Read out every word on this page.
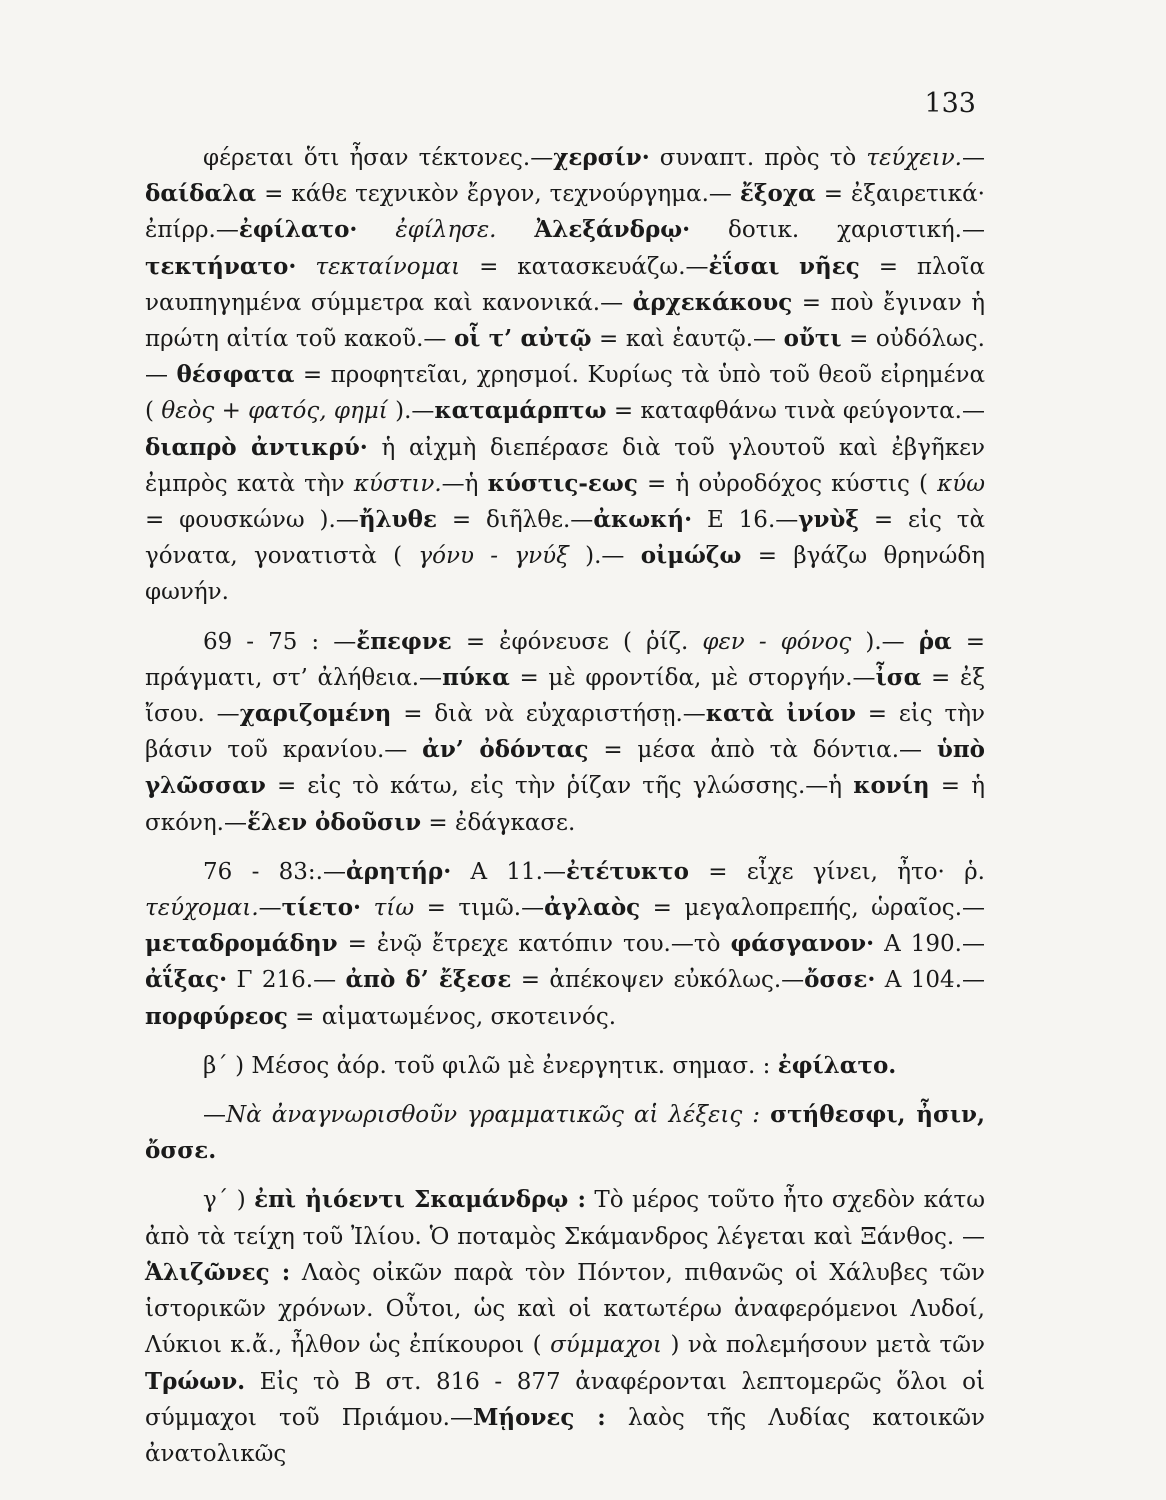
133

φέρεται ὅτι ἦσαν τέκτονες.—χερσίν· συναπτ. πρὸς τὸ τεύχειν.—δαίδαλα = κάθε τεχνικὸν ἔργον, τεχνούργημα.— ἔξοχα = ἐξαιρετικά· ἐπίρρ.—ἐφίλατο· ἐφίλησε. Ἀλεξάνδρῳ· δοτικ. χαριστική.—τεκτήνατο· τεκταίνομαι = κατασκευάζω.—ἐΐσαι νῆες = πλοῖα ναυπηγημένα σύμμετρα καὶ κανονικά.— ἀρχεκάκους = ποὺ ἔγιναν ἡ πρώτη αἰτία τοῦ κακοῦ.— οἷ τ’ αὐτῷ = καὶ ἑαυτῷ.— οὔτι = οὐδόλως.— θέσφατα = προφητεῖαι, χρησμοί. Κυρίως τὰ ὑπὸ τοῦ θεοῦ εἰρημένα ( θεὸς + φατός, φημί ).—καταμάρπτω = καταφθάνω τινὰ φεύγοντα.—διαπρὸ ἀντικρύ· ἡ αἰχμὴ διεπέρασε διὰ τοῦ γλουτοῦ καὶ ἐβγῆκεν ἐμπρὸς κατὰ τὴν κύστιν.—ἡ κύστις-εως = ἡ οὐροδόχος κύστις ( κύω = φουσκώνω ).—ἤλυθε = διῆλθε.—ἀκωκή· Ε 16.—γνὺξ = εἰς τὰ γόνατα, γονατιστὰ ( γόνυ - γνύξ ).— οἰμώζω = βγάζω θρηνώδη φωνήν.

69 - 75 : —ἔπεφνε = ἐφόνευσε ( ῥίζ. φεν - φόνος ).— ῥα = πράγματι, στ’ ἀλήθεια.—πύκα = μὲ φροντίδα, μὲ στοργήν.—ἶσα = ἐξ ἴσου. —χαριζομένη = διὰ νὰ εὐχαριστήσῃ.—κατὰ ἰνίον = εἰς τὴν βάσιν τοῦ κρανίου.— ἀν’ ὀδόντας = μέσα ἀπὸ τὰ δόντια.— ὑπὸ γλῶσσαν = εἰς τὸ κάτω, εἰς τὴν ῥίζαν τῆς γλώσσης.—ἡ κονίη = ἡ σκόνη.—ἕλεν ὀδοῦσιν = ἐδάγκασε.

76 - 83:.—ἀρητήρ· Α 11.—ἐτέτυκτο = εἶχε γίνει, ἦτο· ῥ. τεύχομαι.—τίετο· τίω = τιμῶ.—ἀγλαὸς = μεγαλοπρεπής, ὡραῖος.—μεταδρομάδην = ἐνῷ ἔτρεχε κατόπιν του.—τὸ φάσγανον· Α 190.—ἀΐξας· Γ 216.— ἀπὸ δ’ ἔξεσε = ἀπέκοψεν εὐκόλως.—ὄσσε· Α 104.— πορφύρεος = αἱματωμένος, σκοτεινός.

β΄ ) Μέσος ἀόρ. τοῦ φιλῶ μὲ ἐνεργητικ. σημασ. : ἐφίλατο.

—Νὰ ἀναγνωρισθοῦν γραμματικῶς αἱ λέξεις : στήθεσφι, ἦσιν, ὄσσε.

γ΄ ) ἐπὶ ἠιόεντι Σκαμάνδρῳ : Τὸ μέρος τοῦτο ἦτο σχεδὸν κάτω ἀπὸ τὰ τείχη τοῦ Ἰλίου. Ὁ ποταμὸς Σκάμανδρος λέγεται καὶ Ξάνθος. —Ἁλιζῶνες : Λαὸς οἰκῶν παρὰ τὸν Πόντον, πιθανῶς οἱ Χάλυβες τῶν ἱστορικῶν χρόνων. Οὗτοι, ὡς καὶ οἱ κατωτέρω ἀναφερόμενοι Λυδοί, Λύκιοι κ.ἄ., ἦλθον ὡς ἐπίκουροι ( σύμμαχοι ) νὰ πολεμήσουν μετὰ τῶν Τρώων. Εἰς τὸ Β στ. 816 - 877 ἀναφέρονται λεπτομερῶς ὅλοι οἱ σύμμαχοι τοῦ Πριάμου.—Μῄονες : λαὸς τῆς Λυδίας κατοικῶν ἀνατολικῶς
